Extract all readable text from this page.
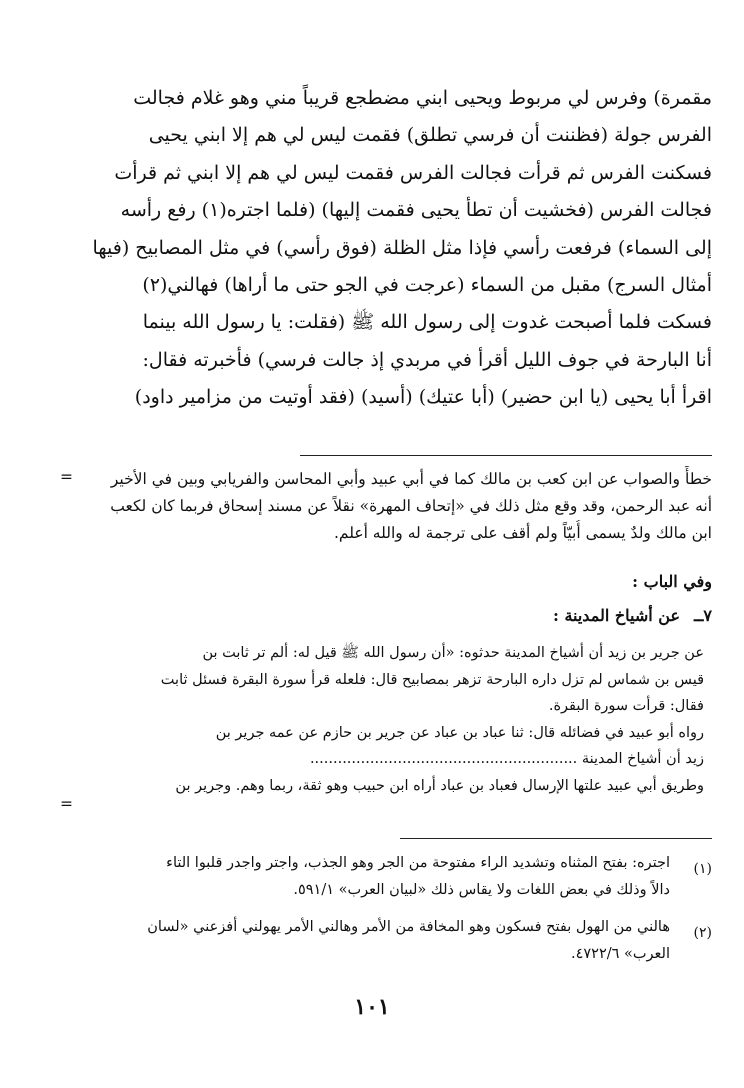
مقمرة) وفرس لي مربوط ويحيى ابني مضطجع قريباً مني وهو غلام فجالت
الفرس جولة (فظننت أن فرسي تطلق) فقمت ليس لي هم إلا ابني يحيى
فسكنت الفرس ثم قرأت فجالت الفرس فقمت ليس لي هم إلا ابني ثم قرأت
فجالت الفرس (فخشيت أن تطأ يحيى فقمت إليها) (فلما اجتره(١) رفع رأسه
إلى السماء) فرفعت رأسي فإذا مثل الظلة (فوق رأسي) في مثل المصابيح (فيها
أمثال السرج) مقبل من السماء (عرجت في الجو حتى ما أراها) فهالني(٢)
فسكت فلما أصبحت غدوت إلى رسول الله ﷺ (فقلت: يا رسول الله بينما
أنا البارحة في جوف الليل أقرأ في مربدي إذ جالت فرسي) فأخبرته فقال:
اقرأ أبا يحيى (يا ابن حضير) (أبا عتيك) (أسيد) (فقد أوتيت من مزامير داود)
=	خطأً والصواب عن ابن كعب بن مالك كما في أبي عبيد وأبي المحاسن والفريابي وبين في الأخير
أنه عبد الرحمن، وقد وقع مثل ذلك في «إتحاف المهرة» نقلاً عن مسند إسحاق فربما كان لكعب
ابن مالك ولدٌ يسمى أُبيّاً ولم أقف على ترجمة له والله أعلم.
وفي الباب :
٧ــعن أشياخ المدينة :
عن جرير بن زيد أن أشياخ المدينة حدثوه: «أن رسول الله ﷺ قيل له: ألم تر ثابت بن
قيس بن شماس لم تزل داره البارحة تزهر بمصابيح قال: فلعله قرأ سورة البقرة فسئل ثابت
فقال: قرأت سورة البقرة.
رواه أبو عبيد في فضائله قال: ثنا عباد بن عباد عن جرير بن حازم عن عمه جرير بن
زيد أن أشياخ المدينة ..........................................................
وطريق أبي عبيد علتها الإرسال فعباد بن عباد أراه ابن حبيب وهو ثقة، ربما وهم. وجرير بن
=
(١)
اجتره: بفتح المثناه وتشديد الراء مفتوحة من الجر وهو الجذب، واجتر واجدر قلبوا التاء
دالاً وذلك في بعض اللغات ولا يقاس ذلك «لبيان العرب» ٥٩١/١.
(٢)
هالني من الهول بفتح فسكون وهو المخافة من الأمر وهالني الأمر يهولني أفزعني «لسان
العرب» ٤٧٢٢/٦.
١٠١
